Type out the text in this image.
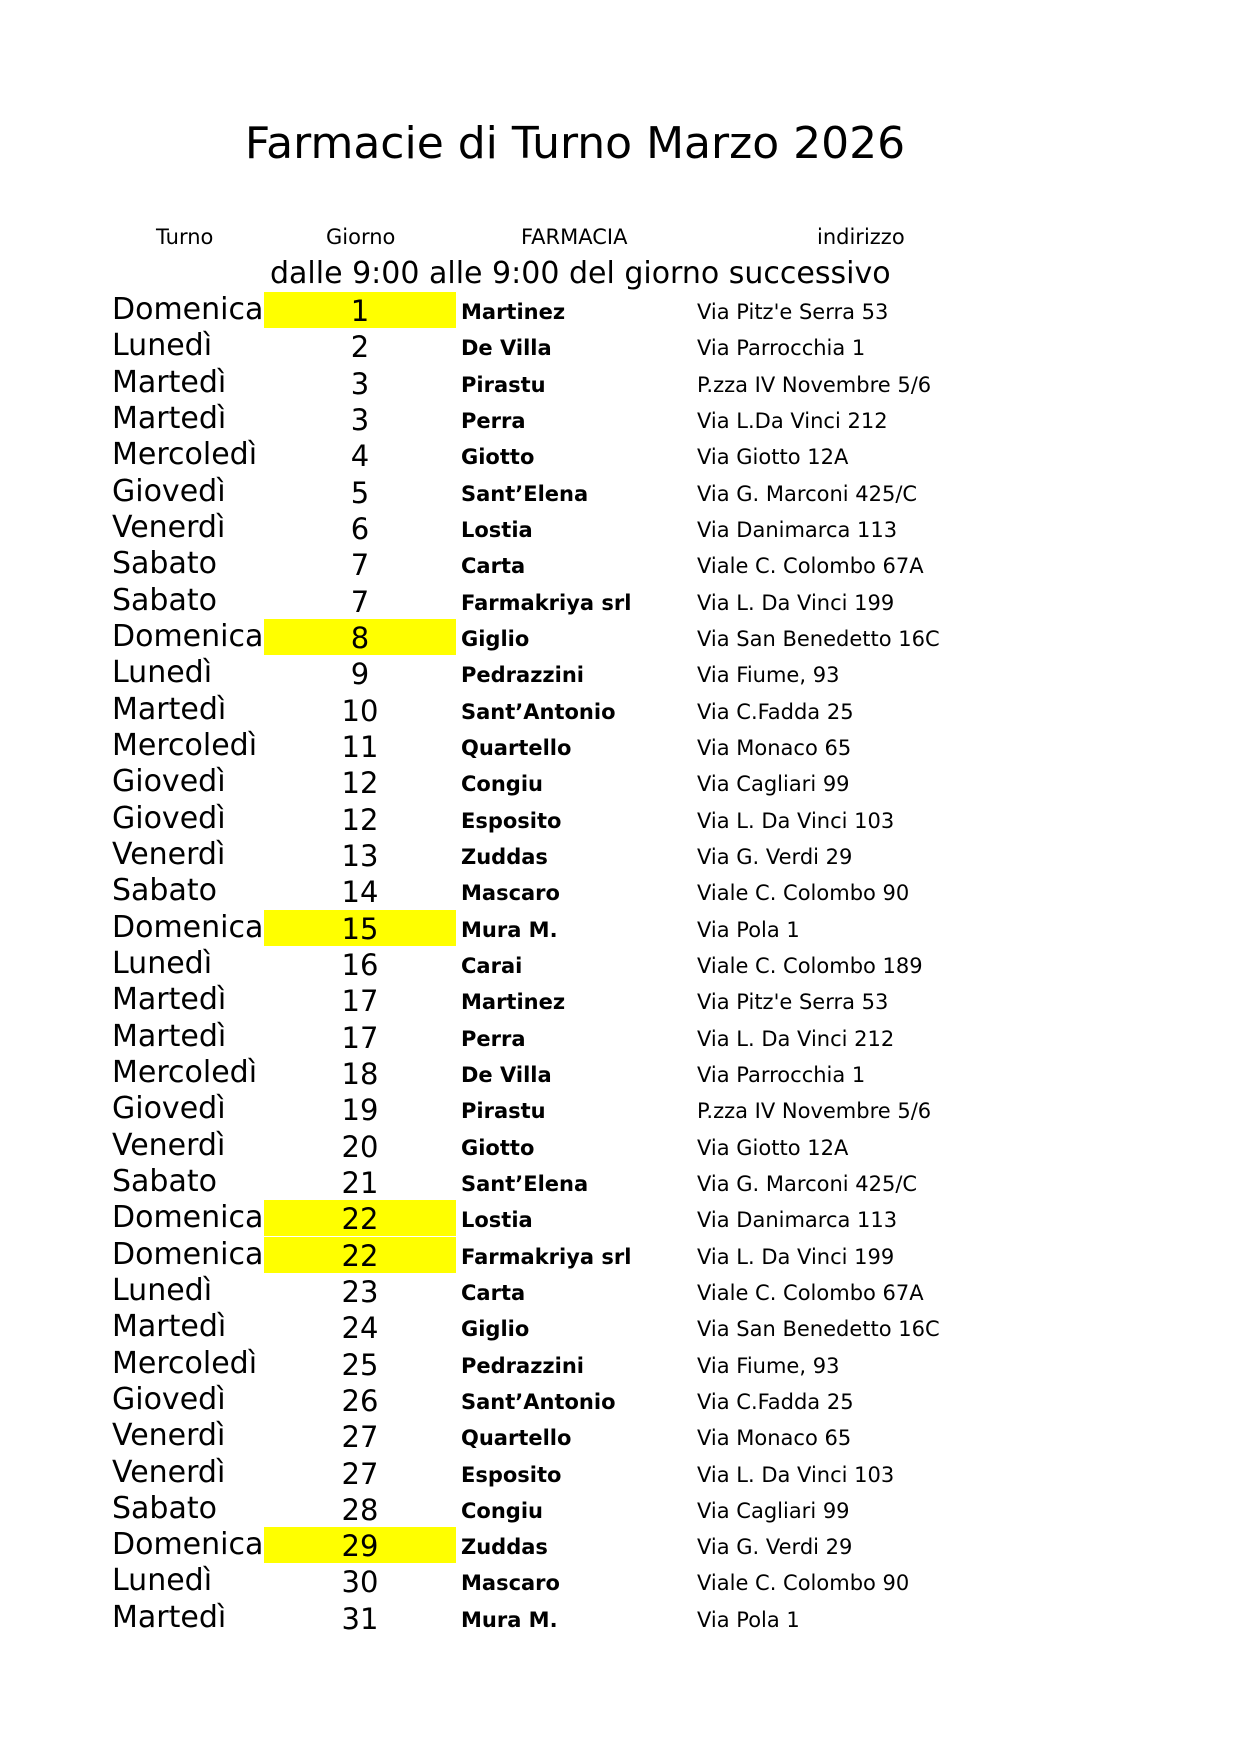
Farmacie di Turno Marzo 2026
Turno	Giorno	FARMACIA	indirizzo
dalle 9:00 alle 9:00 del giorno successivo
Domenica	1	Martinez	Via Pitz'e Serra 53
Lunedì	2	De Villa	Via Parrocchia 1
Martedì	3	Pirastu	P.zza IV Novembre 5/6
Martedì	3	Perra	Via L.Da Vinci 212
Mercoledì	4	Giotto	Via Giotto 12A
Giovedì	5	Sant’Elena	Via G. Marconi 425/C
Venerdì	6	Lostia	Via Danimarca 113
Sabato	7	Carta	Viale C. Colombo 67A
Sabato	7	Farmakriya srl	Via L. Da Vinci 199
Domenica	8	Giglio	Via San Benedetto 16C
Lunedì	9	Pedrazzini	Via Fiume, 93
Martedì	10	Sant’Antonio	Via C.Fadda 25
Mercoledì	11	Quartello	Via Monaco 65
Giovedì	12	Congiu	Via Cagliari 99
Giovedì	12	Esposito	Via L. Da Vinci 103
Venerdì	13	Zuddas	Via G. Verdi 29
Sabato	14	Mascaro	Viale C. Colombo 90
Domenica	15	Mura M.	Via Pola 1
Lunedì	16	Carai	Viale C. Colombo 189
Martedì	17	Martinez	Via Pitz'e Serra 53
Martedì	17	Perra	Via L. Da Vinci 212
Mercoledì	18	De Villa	Via Parrocchia 1
Giovedì	19	Pirastu	P.zza IV Novembre 5/6
Venerdì	20	Giotto	Via Giotto 12A
Sabato	21	Sant’Elena	Via G. Marconi 425/C
Domenica	22	Lostia	Via Danimarca 113
Domenica	22	Farmakriya srl	Via L. Da Vinci 199
Lunedì	23	Carta	Viale C. Colombo 67A
Martedì	24	Giglio	Via San Benedetto 16C
Mercoledì	25	Pedrazzini	Via Fiume, 93
Giovedì	26	Sant’Antonio	Via C.Fadda 25
Venerdì	27	Quartello	Via Monaco 65
Venerdì	27	Esposito	Via L. Da Vinci 103
Sabato	28	Congiu	Via Cagliari 99
Domenica	29	Zuddas	Via G. Verdi 29
Lunedì	30	Mascaro	Viale C. Colombo 90
Martedì	31	Mura M.	Via Pola 1
